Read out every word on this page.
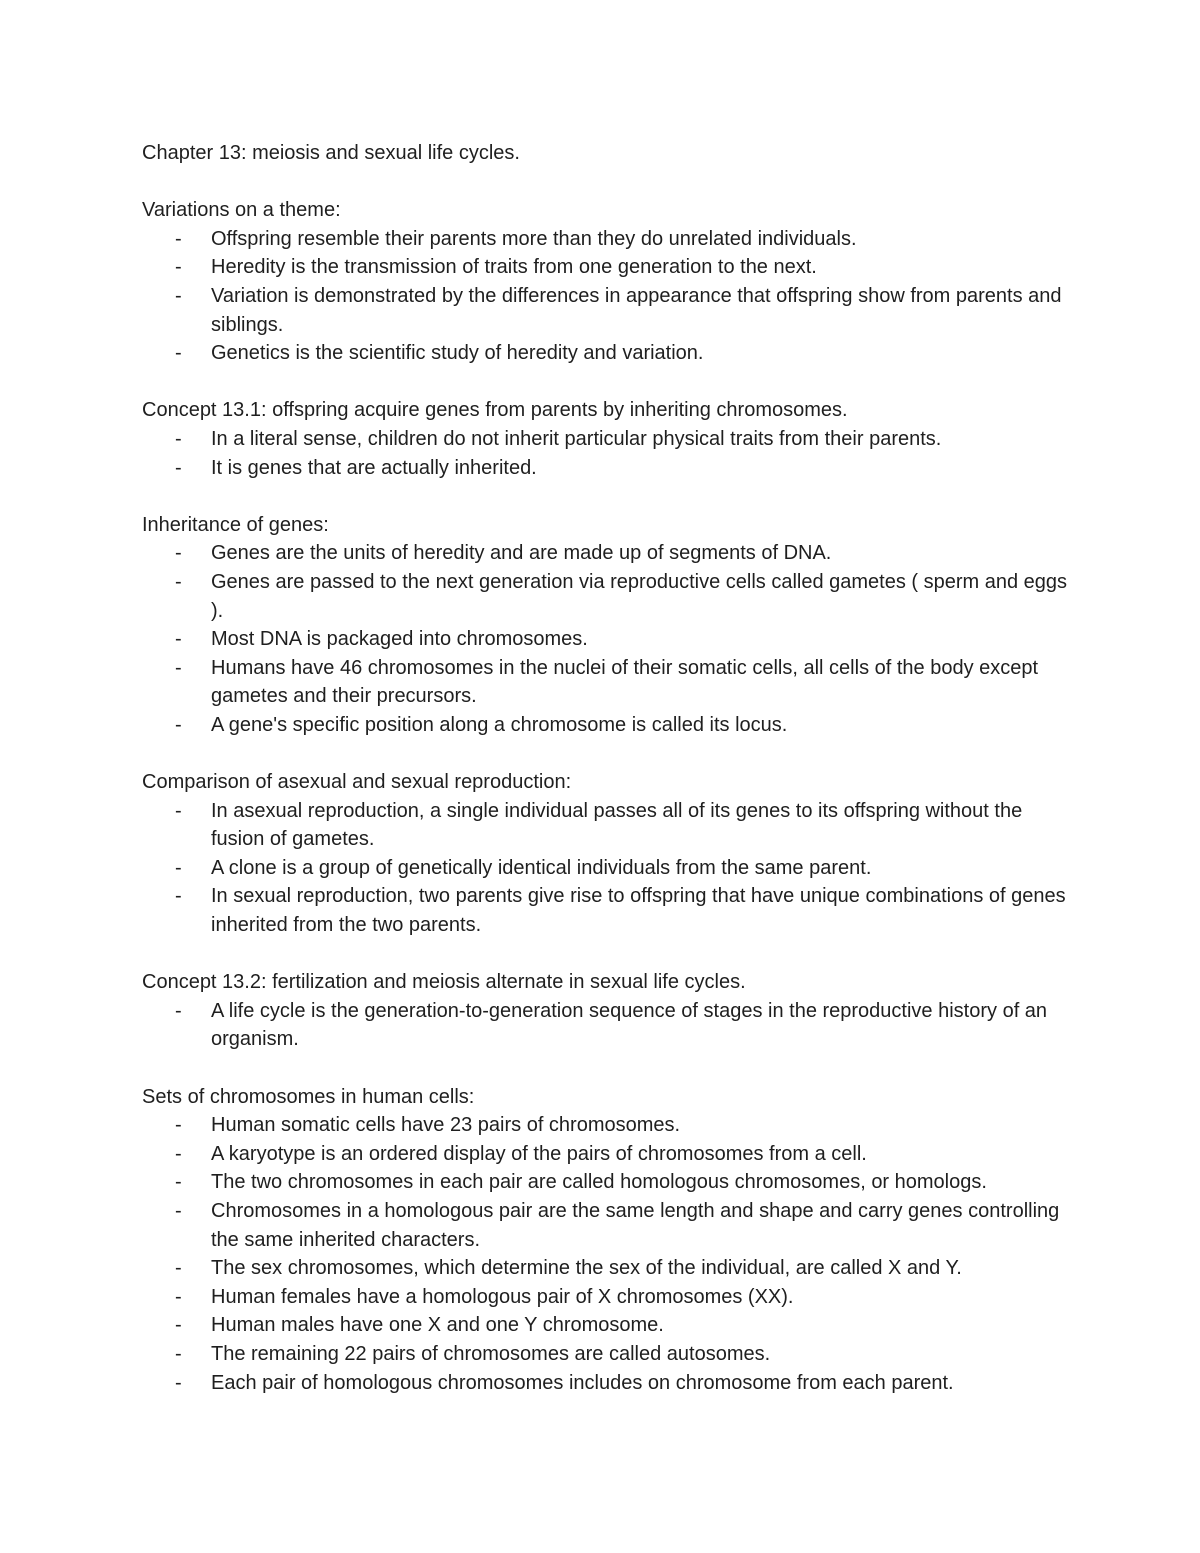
Chapter 13: meiosis and sexual life cycles.

Variations on a theme:

- Offspring resemble their parents more than they do unrelated individuals.
- Heredity is the transmission of traits from one generation to the next.
- Variation is demonstrated by the differences in appearance that offspring show from parents and siblings.
- Genetics is the scientific study of heredity and variation.

Concept 13.1: offspring acquire genes from parents by inheriting chromosomes.

- In a literal sense, children do not inherit particular physical traits from their parents.
- It is genes that are actually inherited.

Inheritance of genes:

- Genes are the units of heredity and are made up of segments of DNA.
- Genes are passed to the next generation via reproductive cells called gametes ( sperm and eggs ).
- Most DNA is packaged into chromosomes.
- Humans have 46 chromosomes in the nuclei of their somatic cells, all cells of the body except gametes and their precursors.
- A gene's specific position along a chromosome is called its locus.

Comparison of asexual and sexual reproduction:

- In asexual reproduction, a single individual passes all of its genes to its offspring without the fusion of gametes.
- A clone is a group of genetically identical individuals from the same parent.
- In sexual reproduction, two parents give rise to offspring that have unique combinations of genes inherited from the two parents.

Concept 13.2: fertilization and meiosis alternate in sexual life cycles.

- A life cycle is the generation-to-generation sequence of stages in the reproductive history of an organism.

Sets of chromosomes in human cells:

- Human somatic cells have 23 pairs of chromosomes.
- A karyotype is an ordered display of the pairs of chromosomes from a cell.
- The two chromosomes in each pair are called homologous chromosomes, or homologs.
- Chromosomes in a homologous pair are the same length and shape and carry genes controlling the same inherited characters.
- The sex chromosomes, which determine the sex of the individual, are called X and Y.
- Human females have a homologous pair of X chromosomes (XX).
- Human males have one X and one Y chromosome.
- The remaining 22 pairs of chromosomes are called autosomes.
- Each pair of homologous chromosomes includes on chromosome from each parent.
